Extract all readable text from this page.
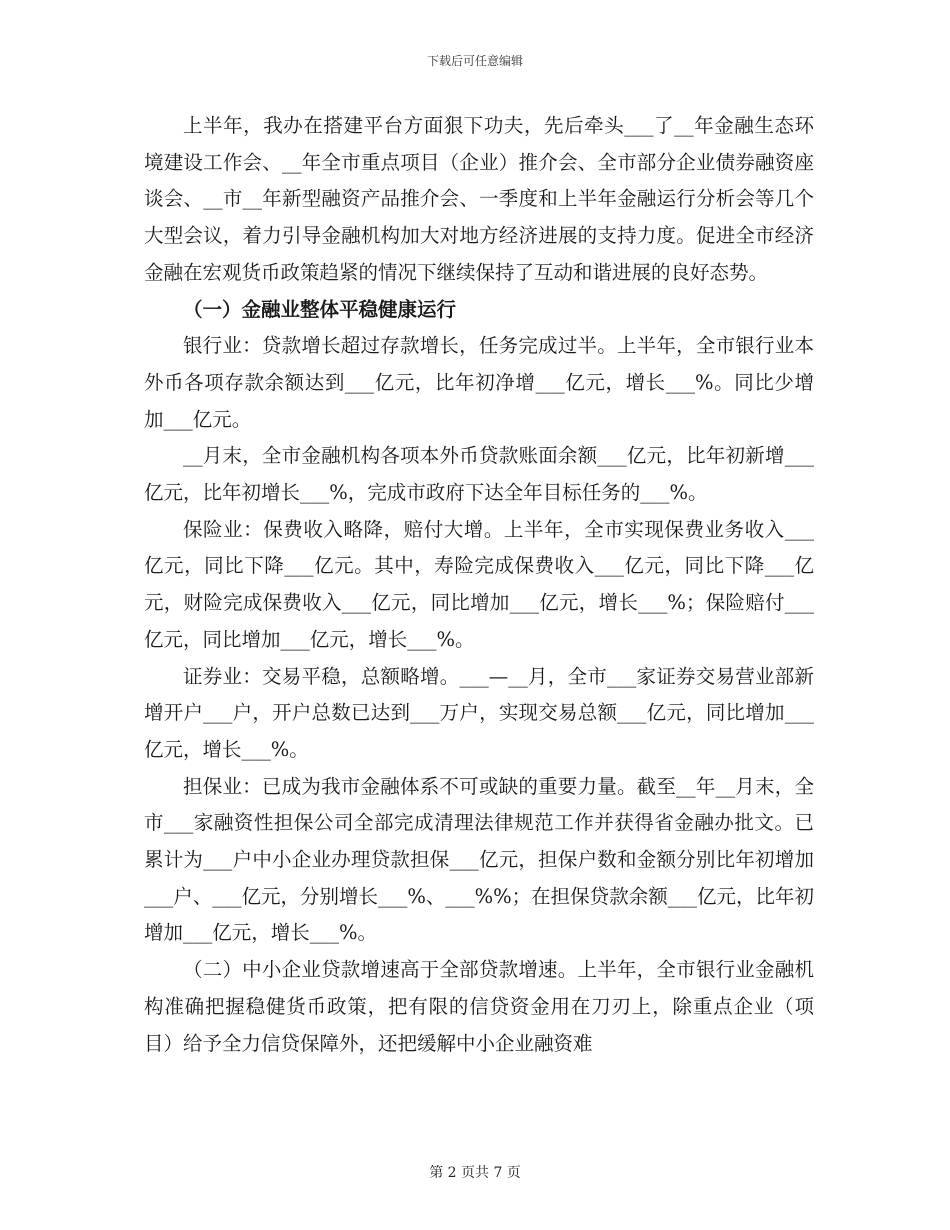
下载后可任意编辑

上半年，我办在搭建平台方面狠下功夫，先后牵头___了__年金融生态环境建设工作会、__年全市重点项目（企业）推介会、全市部分企业债券融资座谈会、__市__年新型融资产品推介会、一季度和上半年金融运行分析会等几个大型会议，着力引导金融机构加大对地方经济进展的支持力度。促进全市经济金融在宏观货币政策趋紧的情况下继续保持了互动和谐进展的良好态势。

（一）金融业整体平稳健康运行

银行业：贷款增长超过存款增长，任务完成过半。上半年，全市银行业本外币各项存款余额达到___亿元，比年初净增___亿元，增长___%。同比少增加___亿元。

__月末，全市金融机构各项本外币贷款账面余额___亿元，比年初新增___亿元，比年初增长___%，完成市政府下达全年目标任务的___%。

保险业：保费收入略降，赔付大增。上半年，全市实现保费业务收入___亿元，同比下降___亿元。其中，寿险完成保费收入___亿元，同比下降___亿元，财险完成保费收入___亿元，同比增加___亿元，增长___%；保险赔付___亿元，同比增加___亿元，增长___%。

证券业：交易平稳，总额略增。___—__月，全市___家证券交易营业部新增开户___户，开户总数已达到___万户，实现交易总额___亿元，同比增加___亿元，增长___%。

担保业：已成为我市金融体系不可或缺的重要力量。截至__年__月末，全市___家融资性担保公司全部完成清理法律规范工作并获得省金融办批文。已累计为___户中小企业办理贷款担保___亿元，担保户数和金额分别比年初增加___户、___亿元，分别增长___%、___%%；在担保贷款余额___亿元，比年初增加___亿元，增长___%。

（二）中小企业贷款增速高于全部贷款增速。上半年，全市银行业金融机构准确把握稳健货币政策，把有限的信贷资金用在刀刃上，除重点企业（项目）给予全力信贷保障外，还把缓解中小企业融资难

第 2 页共 7 页
